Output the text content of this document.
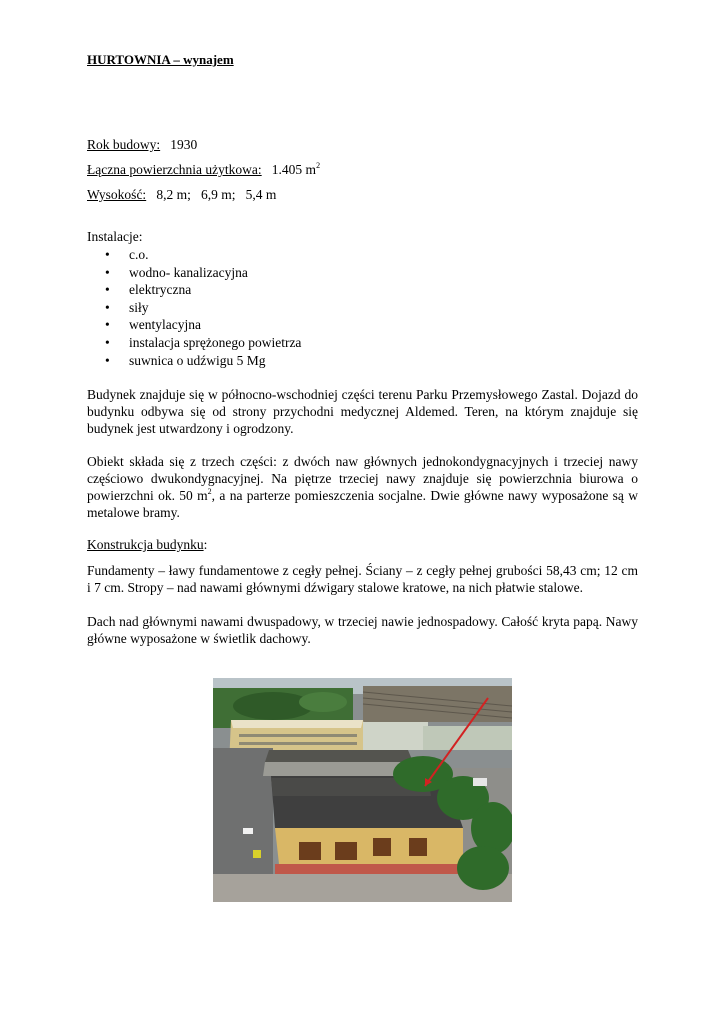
HURTOWNIA – wynajem
Rok budowy: 1930
Łączna powierzchnia użytkowa: 1.405 $m^2$
Wysokość: 8,2 m;   6,9 m;   5,4 m
Instalacje:
• c.o.
• wodno- kanalizacyjna
• elektryczna
• siły
• wentylacyjna
• instalacja sprężonego powietrza
• suwnica o udźwigu 5 Mg

Budynek znajduje się w północno-wschodniej części terenu Parku Przemysłowego Zastal. Dojazd do budynku odbywa się od strony przychodni medycznej Aldemed. Teren, na którym znajduje się budynek jest utwardzony i ogrodzony.

Obiekt składa się z trzech części: z dwóch naw głównych jednokondygnacyjnych i trzeciej nawy częściowo dwukondygnacyjnej. Na piętrze trzeciej nawy znajduje się powierzchnia biurowa o powierzchni ok. 50 $m^2$, a na parterze pomieszczenia socjalne. Dwie główne nawy wyposażone są w metalowe bramy.

Konstrukcja budynku:

Fundamenty – ławy fundamentowe z cegły pełnej. Ściany – z cegły pełnej grubości 58,43 cm; 12 cm i 7 cm. Stropy – nad nawami głównymi dźwigary stalowe kratowe, na nich płatwie stalowe.

Dach nad głównymi nawami dwuspadowy, w trzeciej nawie jednospadowy. Całość kryta papą. Nawy główne wyposażone w świetlik dachowy.
